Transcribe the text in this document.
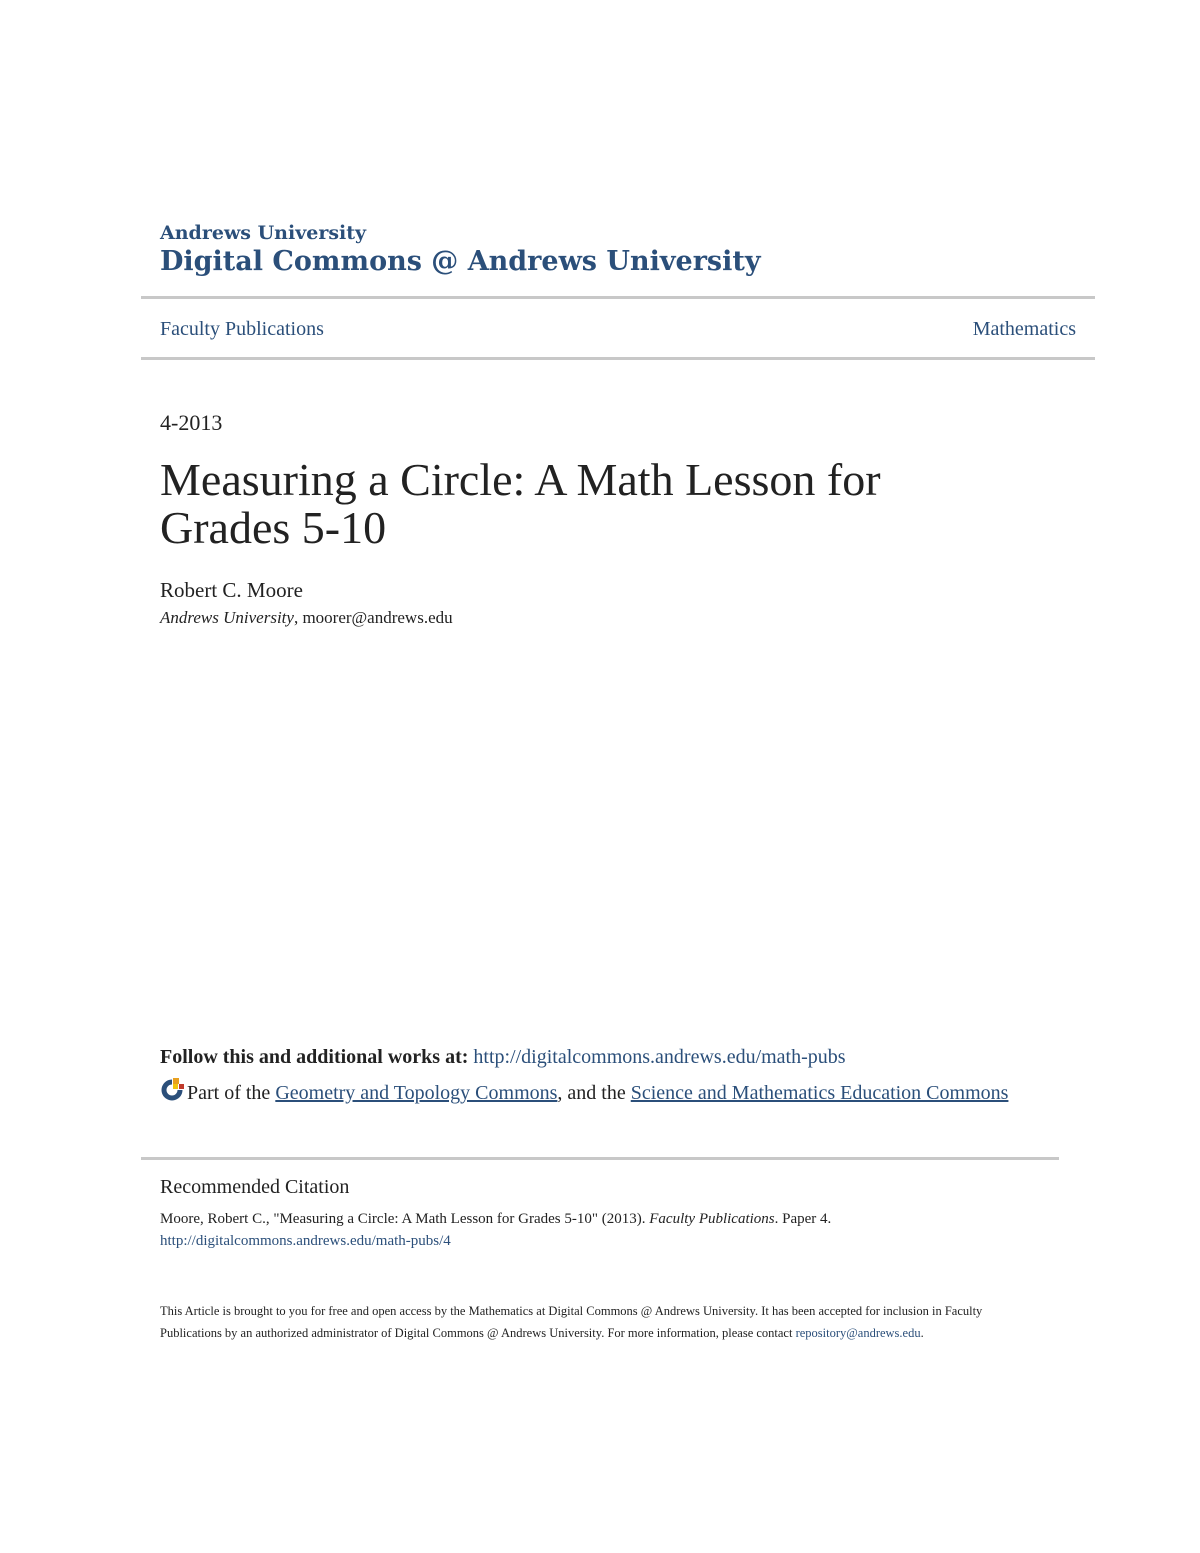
Andrews University
Digital Commons @ Andrews University
Faculty Publications	Mathematics
4-2013
Measuring a Circle: A Math Lesson for Grades 5-10
Robert C. Moore
Andrews University, moorer@andrews.edu
Follow this and additional works at: http://digitalcommons.andrews.edu/math-pubs
Part of the Geometry and Topology Commons, and the Science and Mathematics Education Commons
Recommended Citation
Moore, Robert C., "Measuring a Circle: A Math Lesson for Grades 5-10" (2013). Faculty Publications. Paper 4.
http://digitalcommons.andrews.edu/math-pubs/4
This Article is brought to you for free and open access by the Mathematics at Digital Commons @ Andrews University. It has been accepted for inclusion in Faculty Publications by an authorized administrator of Digital Commons @ Andrews University. For more information, please contact repository@andrews.edu.
